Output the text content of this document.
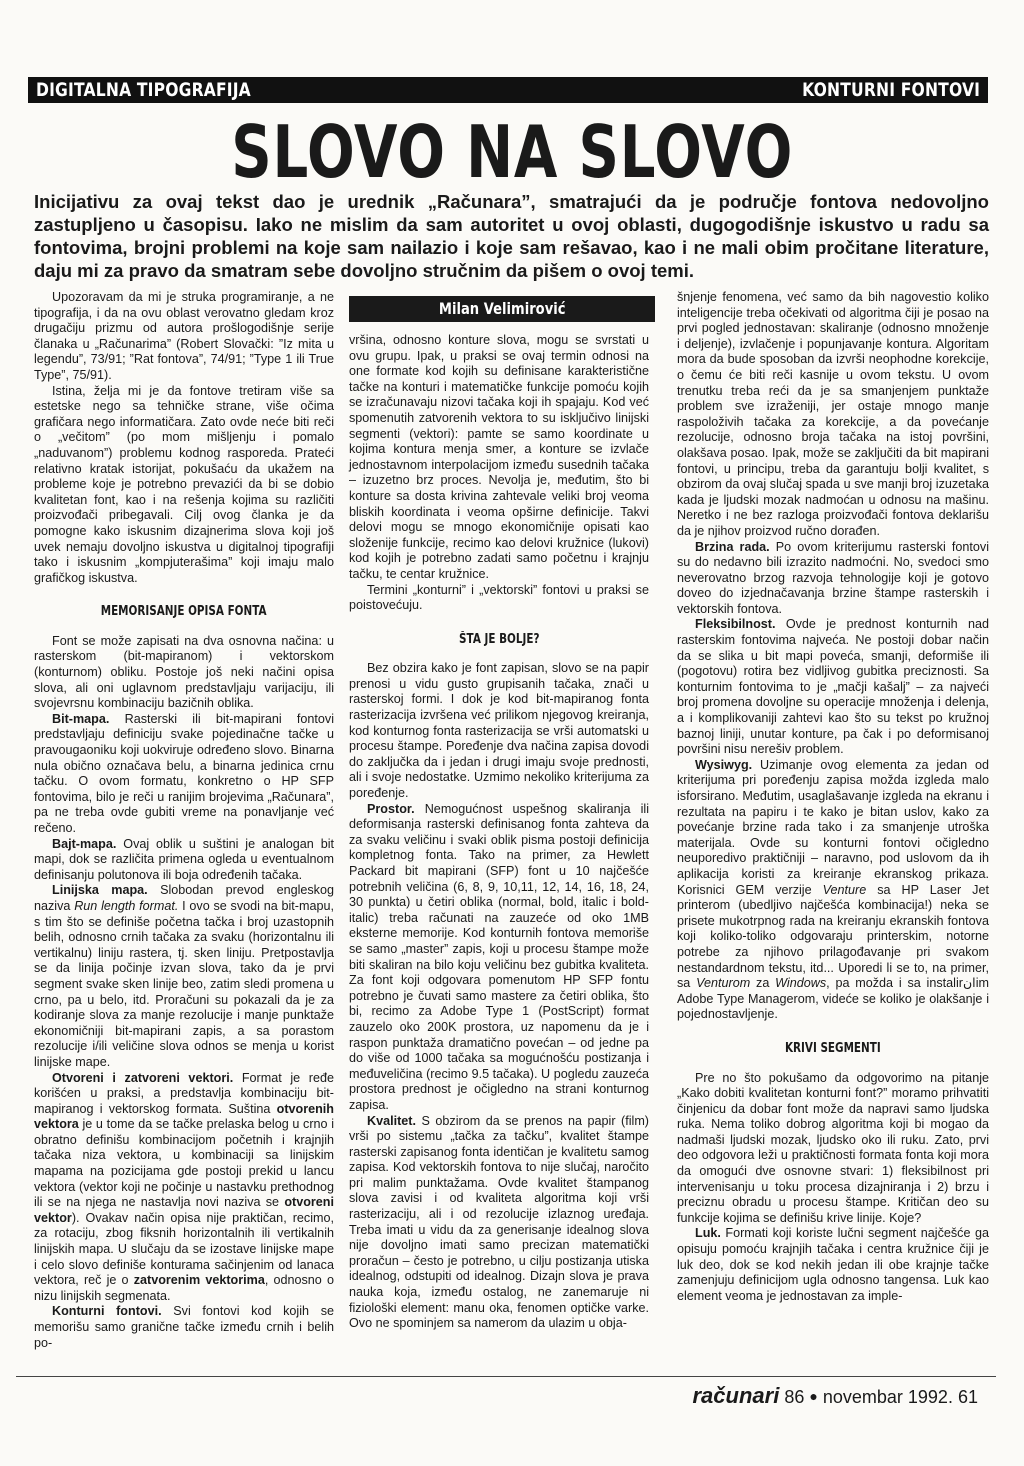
DIGITALNA TIPOGRAFIJA	KONTURNI FONTOVI
SLOVO NA SLOVO
Inicijativu za ovaj tekst dao je urednik „Računara”, smatrajući da je područje fontova nedovoljno zastupljeno u časopisu. Iako ne mislim da sam autoritet u ovoj oblasti, dugogodišnje iskustvo u radu sa fontovima, brojni problemi na koje sam nailazio i koje sam rešavao, kao i ne mali obim pročitane literature, daju mi za pravo da smatram sebe dovoljno stručnim da pišem o ovoj temi.

Upozoravam da mi je struka programiranje, a ne tipografija, i da na ovu oblast verovatno gledam kroz drugačiju prizmu od autora prošlogodišnje serije članaka u „Računarima” (Robert Slovački: ”Iz mita u legendu”, 73/91; ”Rat fontova”, 74/91; ”Type 1 ili True Type”, 75/91).

Istina, želja mi je da fontove tretiram više sa estetske nego sa tehničke strane, više očima grafičara nego informatičara. Zato ovde neće biti reči o „večitom” (po mom mišljenju i pomalo „naduvanom”) problemu kodnog rasporeda. Prateći relativno kratak istorijat, pokušaću da ukažem na probleme koje je potrebno prevazići da bi se dobio kvalitetan font, kao i na rešenja kojima su različiti proizvođači pribegavali. Cilj ovog članka je da pomogne kako iskusnim dizajnerima slova koji još uvek nemaju dovoljno iskustva u digitalnoj tipografiji tako i iskusnim „kompjuterašima” koji imaju malo grafičkog iskustva.

MEMORISANJE OPISA FONTA

Font se može zapisati na dva osnovna načina: u rasterskom (bit-mapiranom) i vektorskom (konturnom) obliku. Postoje još neki načini opisa slova, ali oni uglavnom predstavljaju varijaciju, ili svojevrsnu kombinaciju bazičnih oblika.

Bit-mapa. Rasterski ili bit-mapirani fontovi predstavljaju definiciju svake pojedinačne tačke u pravougaoniku koji uokviruje određeno slovo. Binarna nula obično označava belu, a binarna jedinica crnu tačku. O ovom formatu, konkretno o HP SFP fontovima, bilo je reči u ranijim brojevima „Računara”, pa ne treba ovde gubiti vreme na ponavljanje već rečeno.

Bajt-mapa. Ovaj oblik u suštini je analogan bit mapi, dok se različita primena ogleda u eventualnom definisanju polutonova ili boja određenih tačaka.

Linijska mapa. Slobodan prevod engleskog naziva Run length format. I ovo se svodi na bit-mapu, s tim što se definiše početna tačka i broj uzastopnih belih, odnosno crnih tačaka za svaku (horizontalnu ili vertikalnu) liniju rastera, tj. sken liniju. Pretpostavlja se da linija počinje izvan slova, tako da je prvi segment svake sken linije beo, zatim sledi promena u crno, pa u belo, itd. Proračuni su pokazali da je za kodiranje slova za manje rezolucije i manje punktaže ekonomičniji bit-mapirani zapis, a sa porastom rezolucije i/ili veličine slova odnos se menja u korist linijske mape.

Otvoreni i zatvoreni vektori. Format je ređe korišćen u praksi, a predstavlja kombinaciju bit-mapiranog i vektorskog formata. Suština otvorenih vektora je u tome da se tačke prelaska belog u crno i obratno definišu kombinacijom početnih i krajnjih tačaka niza vektora, u kombinaciji sa linijskim mapama na pozicijama gde postoji prekid u lancu vektora (vektor koji ne počinje u nastavku prethodnog ili se na njega ne nastavlja novi naziva se otvoreni vektor). Ovakav način opisa nije praktičan, recimo, za rotaciju, zbog fiksnih horizontalnih ili vertikalnih linijskih mapa. U slučaju da se izostave linijske mape i celo slovo definiše konturama sačinjenim od lanaca vektora, reč je o zatvorenim vektorima, odnosno o nizu linijskih segmenata.

Konturni fontovi. Svi fontovi kod kojih se memorišu samo granične tačke između crnih i belih po-

Milan Velimirović

vršina, odnosno konture slova, mogu se svrstati u ovu grupu. Ipak, u praksi se ovaj termin odnosi na one formate kod kojih su definisane karakteristične tačke na konturi i matematičke funkcije pomoću kojih se izračunavaju nizovi tačaka koji ih spajaju. Kod već spomenutih zatvorenih vektora to su isključivo linijski segmenti (vektori): pamte se samo koordinate u kojima kontura menja smer, a konture se izvlače jednostavnom interpolacijom između susednih tačaka – izuzetno brz proces. Nevolja je, međutim, što bi konture sa dosta krivina zahtevale veliki broj veoma bliskih koordinata i veoma opširne definicije. Takvi delovi mogu se mnogo ekonomičnije opisati kao složenije funkcije, recimo kao delovi kružnice (lukovi) kod kojih je potrebno zadati samo početnu i krajnju tačku, te centar kružnice.

Termini „konturni” i „vektorski” fontovi u praksi se poistovećuju.

ŠTA JE BOLJE?

Bez obzira kako je font zapisan, slovo se na papir prenosi u vidu gusto grupisanih tačaka, znači u rasterskoj formi. I dok je kod bit-mapiranog fonta rasterizacija izvršena već prilikom njegovog kreiranja, kod konturnog fonta rasterizacija se vrši automatski u procesu štampe. Poređenje dva načina zapisa dovodi do zaključka da i jedan i drugi imaju svoje prednosti, ali i svoje nedostatke. Uzmimo nekoliko kriterijuma za poređenje.

Prostor. Nemogućnost uspešnog skaliranja ili deformisanja rasterski definisanog fonta zahteva da za svaku veličinu i svaki oblik pisma postoji definicija kompletnog fonta. Tako na primer, za Hewlett Packard bit mapirani (SFP) font u 10 najčešće potrebnih veličina (6, 8, 9, 10,11, 12, 14, 16, 18, 24, 30 punkta) u četiri oblika (normal, bold, italic i bold-italic) treba računati na zauzeće od oko 1MB eksterne memorije. Kod konturnih fontova memoriše se samo „master” zapis, koji u procesu štampe može biti skaliran na bilo koju veličinu bez gubitka kvaliteta. Za font koji odgovara pomenutom HP SFP fontu potrebno je čuvati samo mastere za četiri oblika, što bi, recimo za Adobe Type 1 (PostScript) format zauzelo oko 200K prostora, uz napomenu da je i raspon punktaža dramatično povećan – od jedne pa do više od 1000 tačaka sa mogućnošću postizanja i međuveličina (recimo 9.5 tačaka). U pogledu zauzeća prostora prednost je očigledno na strani konturnog zapisa.

Kvalitet. S obzirom da se prenos na papir (film) vrši po sistemu „tačka za tačku”, kvalitet štampe rasterski zapisanog fonta identičan je kvalitetu samog zapisa. Kod vektorskih fontova to nije slučaj, naročito pri malim punktažama. Ovde kvalitet štampanog slova zavisi i od kvaliteta algoritma koji vrši rasterizaciju, ali i od rezolucije izlaznog uređaja. Treba imati u vidu da za generisanje idealnog slova nije dovoljno imati samo precizan matematički proračun – često je potrebno, u cilju postizanja utiska idealnog, odstupiti od idealnog. Dizajn slova je prava nauka koja, između ostalog, ne zanemaruje ni fiziološki element: manu oka, fenomen optičke varke. Ovo ne spominjem sa namerom da ulazim u obja-

šnjenje fenomena, već samo da bih nagovestio koliko inteligencije treba očekivati od algoritma čiji je posao na prvi pogled jednostavan: skaliranje (odnosno množenje i deljenje), izvlačenje i popunjavanje kontura. Algoritam mora da bude sposoban da izvrši neophodne korekcije, o čemu će biti reči kasnije u ovom tekstu. U ovom trenutku treba reći da je sa smanjenjem punktaže problem sve izraženiji, jer ostaje mnogo manje raspoloživih tačaka za korekcije, a da povećanje rezolucije, odnosno broja tačaka na istoj površini, olakšava posao. Ipak, može se zaključiti da bit mapirani fontovi, u principu, treba da garantuju bolji kvalitet, s obzirom da ovaj slučaj spada u sve manji broj izuzetaka kada je ljudski mozak nadmoćan u odnosu na mašinu. Neretko i ne bez razloga proizvođači fontova deklarišu da je njihov proizvod ručno dorađen.

Brzina rada. Po ovom kriterijumu rasterski fontovi su do nedavno bili izrazito nadmoćni. No, svedoci smo neverovatno brzog razvoja tehnologije koji je gotovo doveo do izjednačavanja brzine štampe rasterskih i vektorskih fontova.

Fleksibilnost. Ovde je prednost konturnih nad rasterskim fontovima najveća. Ne postoji dobar način da se slika u bit mapi poveća, smanji, deformiše ili (pogotovu) rotira bez vidljivog gubitka preciznosti. Sa konturnim fontovima to je „mačji kašalj” – za najveći broj promena dovoljne su operacije množenja i delenja, a i komplikovaniji zahtevi kao što su tekst po kružnoj baznoj liniji, unutar konture, pa čak i po deformisanoj površini nisu nerešiv problem.

Wysiwyg. Uzimanje ovog elementa za jedan od kriterijuma pri poređenju zapisa možda izgleda malo isforsirano. Međutim, usaglašavanje izgleda na ekranu i rezultata na papiru i te kako je bitan uslov, kako za povećanje brzine rada tako i za smanjenje utroška materijala. Ovde su konturni fontovi očigledno neuporedivo praktičniji – naravno, pod uslovom da ih aplikacija koristi za kreiranje ekranskog prikaza. Korisnici GEM verzije Venture sa HP Laser Jet printerom (ubedljivo najčešća kombinacija!) neka se prisete mukotrpnog rada na kreiranju ekranskih fontova koji koliko-toliko odgovaraju printerskim, notorne potrebe za njihovo prilagođavanje pri svakom nestandardnom tekstu, itd... Uporedi li se to, na primer, sa Venturom za Windows, pa možda i sa instalirانim Adobe Type Managerom, videće se koliko je olakšanje i pojednostavljenje.

KRIVI SEGMENTI

Pre no što pokušamo da odgovorimo na pitanje „Kako dobiti kvalitetan konturni font?” moramo prihvatiti činjenicu da dobar font može da napravi samo ljudska ruka. Nema toliko dobrog algoritma koji bi mogao da nadmaši ljudski mozak, ljudsko oko ili ruku. Zato, prvi deo odgovora leži u praktičnosti formata fonta koji mora da omogući dve osnovne stvari: 1) fleksibilnost pri intervenisanju u toku procesa dizajniranja i 2) brzu i preciznu obradu u procesu štampe. Kritičan deo su funkcije kojima se definišu krive linije. Koje?

Luk. Formati koji koriste lučni segment najčešće ga opisuju pomoću krajnjih tačaka i centra kružnice čiji je luk deo, dok se kod nekih jedan ili obe krajnje tačke zamenjuju definicijom ugla odnosno tangensa. Luk kao element veoma je jednostavan za imple-

računari 86 ● novembar 1992. 61
